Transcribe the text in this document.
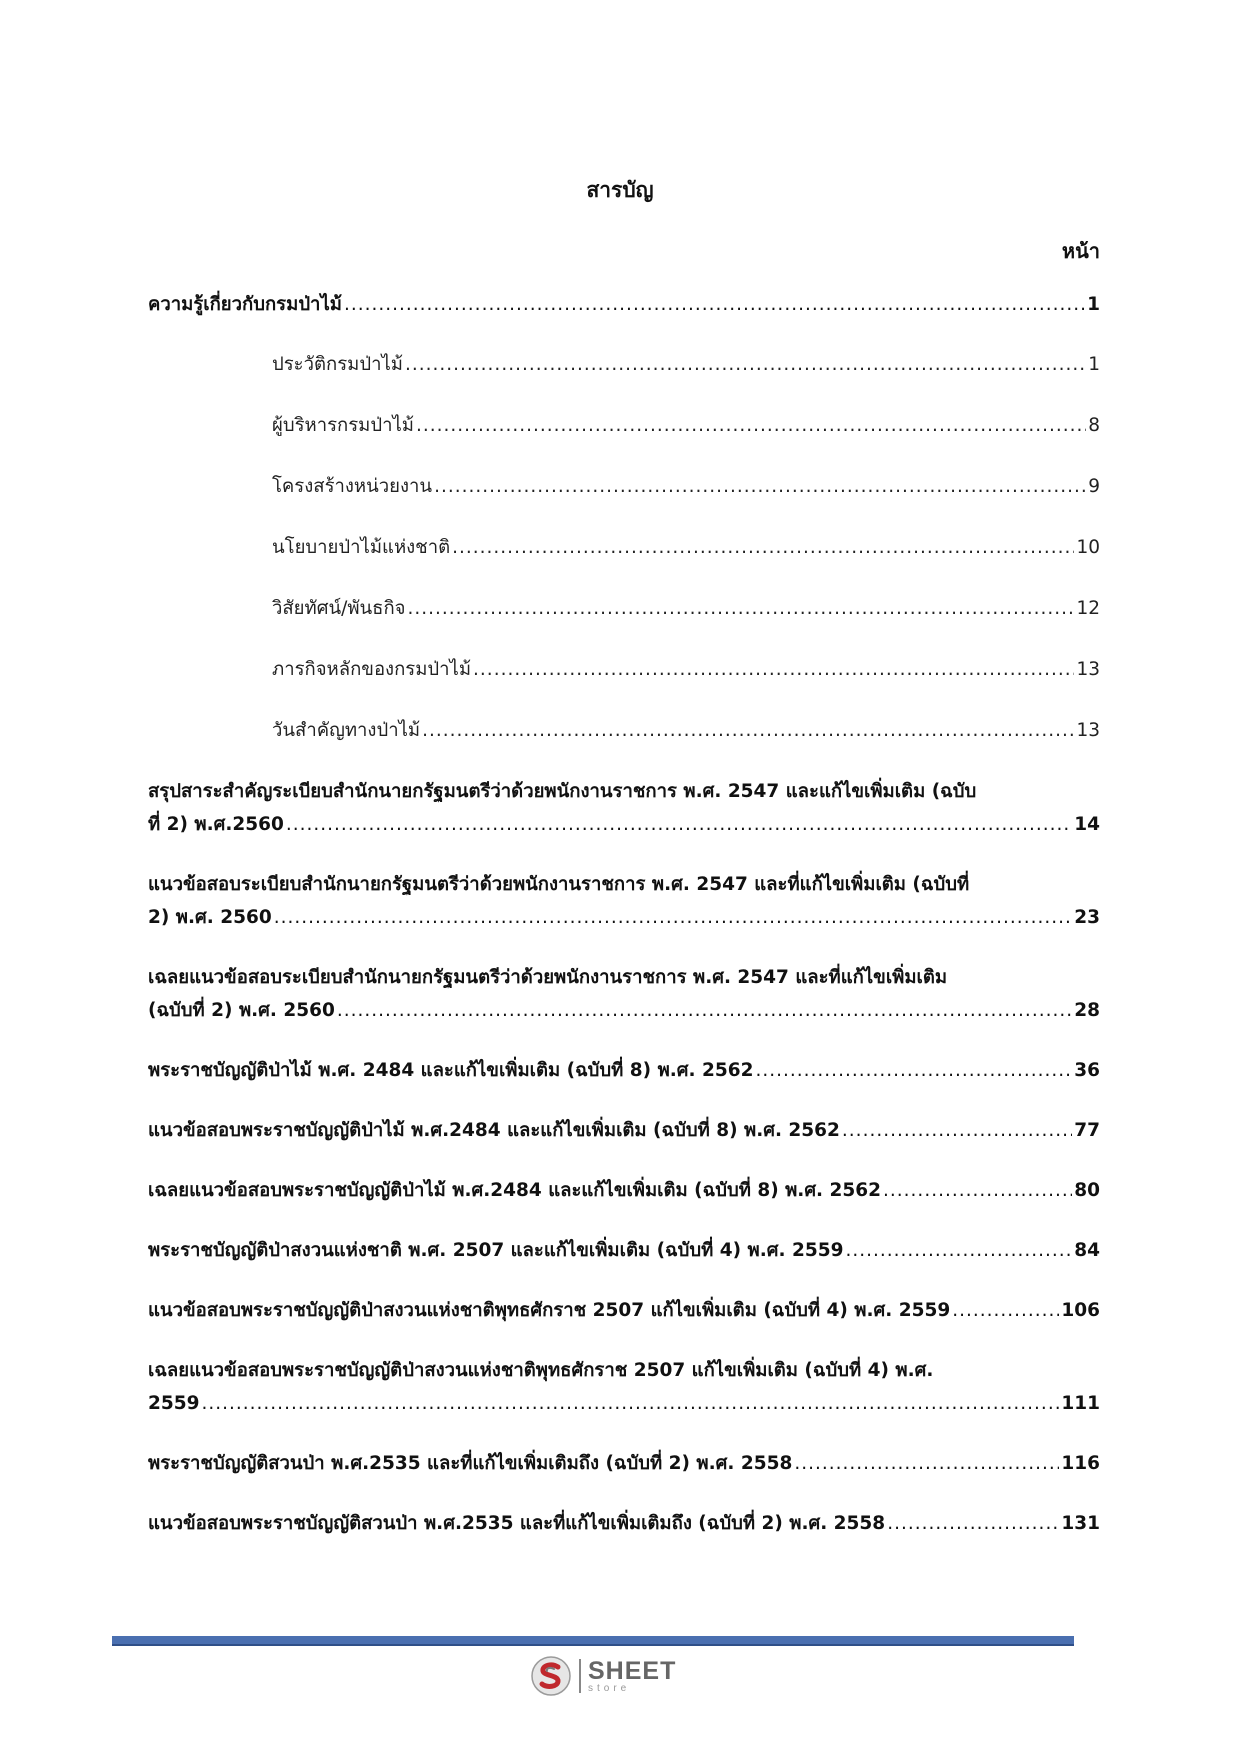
สารบัญ
หน้า
ความรู้เกี่ยวกับกรมป่าไม้ .....	1
ประวัติกรมป่าไม้ .....	1
ผู้บริหารกรมป่าไม้ .....	8
โครงสร้างหน่วยงาน .....	9
นโยบายป่าไม้แห่งชาติ .....	10
วิสัยทัศน์/พันธกิจ .....	12
ภารกิจหลักของกรมป่าไม้ .....	13
วันสำคัญทางป่าไม้ .....	13
สรุปสาระสำคัญระเบียบสำนักนายกรัฐมนตรีว่าด้วยพนักงานราชการ พ.ศ. 2547 และแก้ไขเพิ่มเติม (ฉบับ
ที่ 2) พ.ศ.2560 .....	14
แนวข้อสอบระเบียบสำนักนายกรัฐมนตรีว่าด้วยพนักงานราชการ พ.ศ. 2547 และที่แก้ไขเพิ่มเติม (ฉบับที่
2) พ.ศ. 2560 .....	23
เฉลยแนวข้อสอบระเบียบสำนักนายกรัฐมนตรีว่าด้วยพนักงานราชการ พ.ศ. 2547 และที่แก้ไขเพิ่มเติม
(ฉบับที่ 2) พ.ศ. 2560 .....	28
พระราชบัญญัติป่าไม้ พ.ศ. 2484 และแก้ไขเพิ่มเติม (ฉบับที่ 8) พ.ศ. 2562 .....	36
แนวข้อสอบพระราชบัญญัติป่าไม้ พ.ศ.2484 และแก้ไขเพิ่มเติม (ฉบับที่ 8) พ.ศ. 2562 .....	77
เฉลยแนวข้อสอบพระราชบัญญัติป่าไม้ พ.ศ.2484 และแก้ไขเพิ่มเติม (ฉบับที่ 8) พ.ศ. 2562 .....	80
พระราชบัญญัติป่าสงวนแห่งชาติ พ.ศ. 2507 และแก้ไขเพิ่มเติม (ฉบับที่ 4) พ.ศ. 2559 .....	84
แนวข้อสอบพระราชบัญญัติป่าสงวนแห่งชาติพุทธศักราช 2507 แก้ไขเพิ่มเติม (ฉบับที่ 4) พ.ศ. 2559 .....	106
เฉลยแนวข้อสอบพระราชบัญญัติป่าสงวนแห่งชาติพุทธศักราช 2507 แก้ไขเพิ่มเติม (ฉบับที่ 4) พ.ศ.
2559 .....	111
พระราชบัญญัติสวนป่า พ.ศ.2535 และที่แก้ไขเพิ่มเติมถึง (ฉบับที่ 2) พ.ศ. 2558 .....	116
แนวข้อสอบพระราชบัญญัติสวนป่า พ.ศ.2535 และที่แก้ไขเพิ่มเติมถึง (ฉบับที่ 2) พ.ศ. 2558 .....	131
SHEET
store
